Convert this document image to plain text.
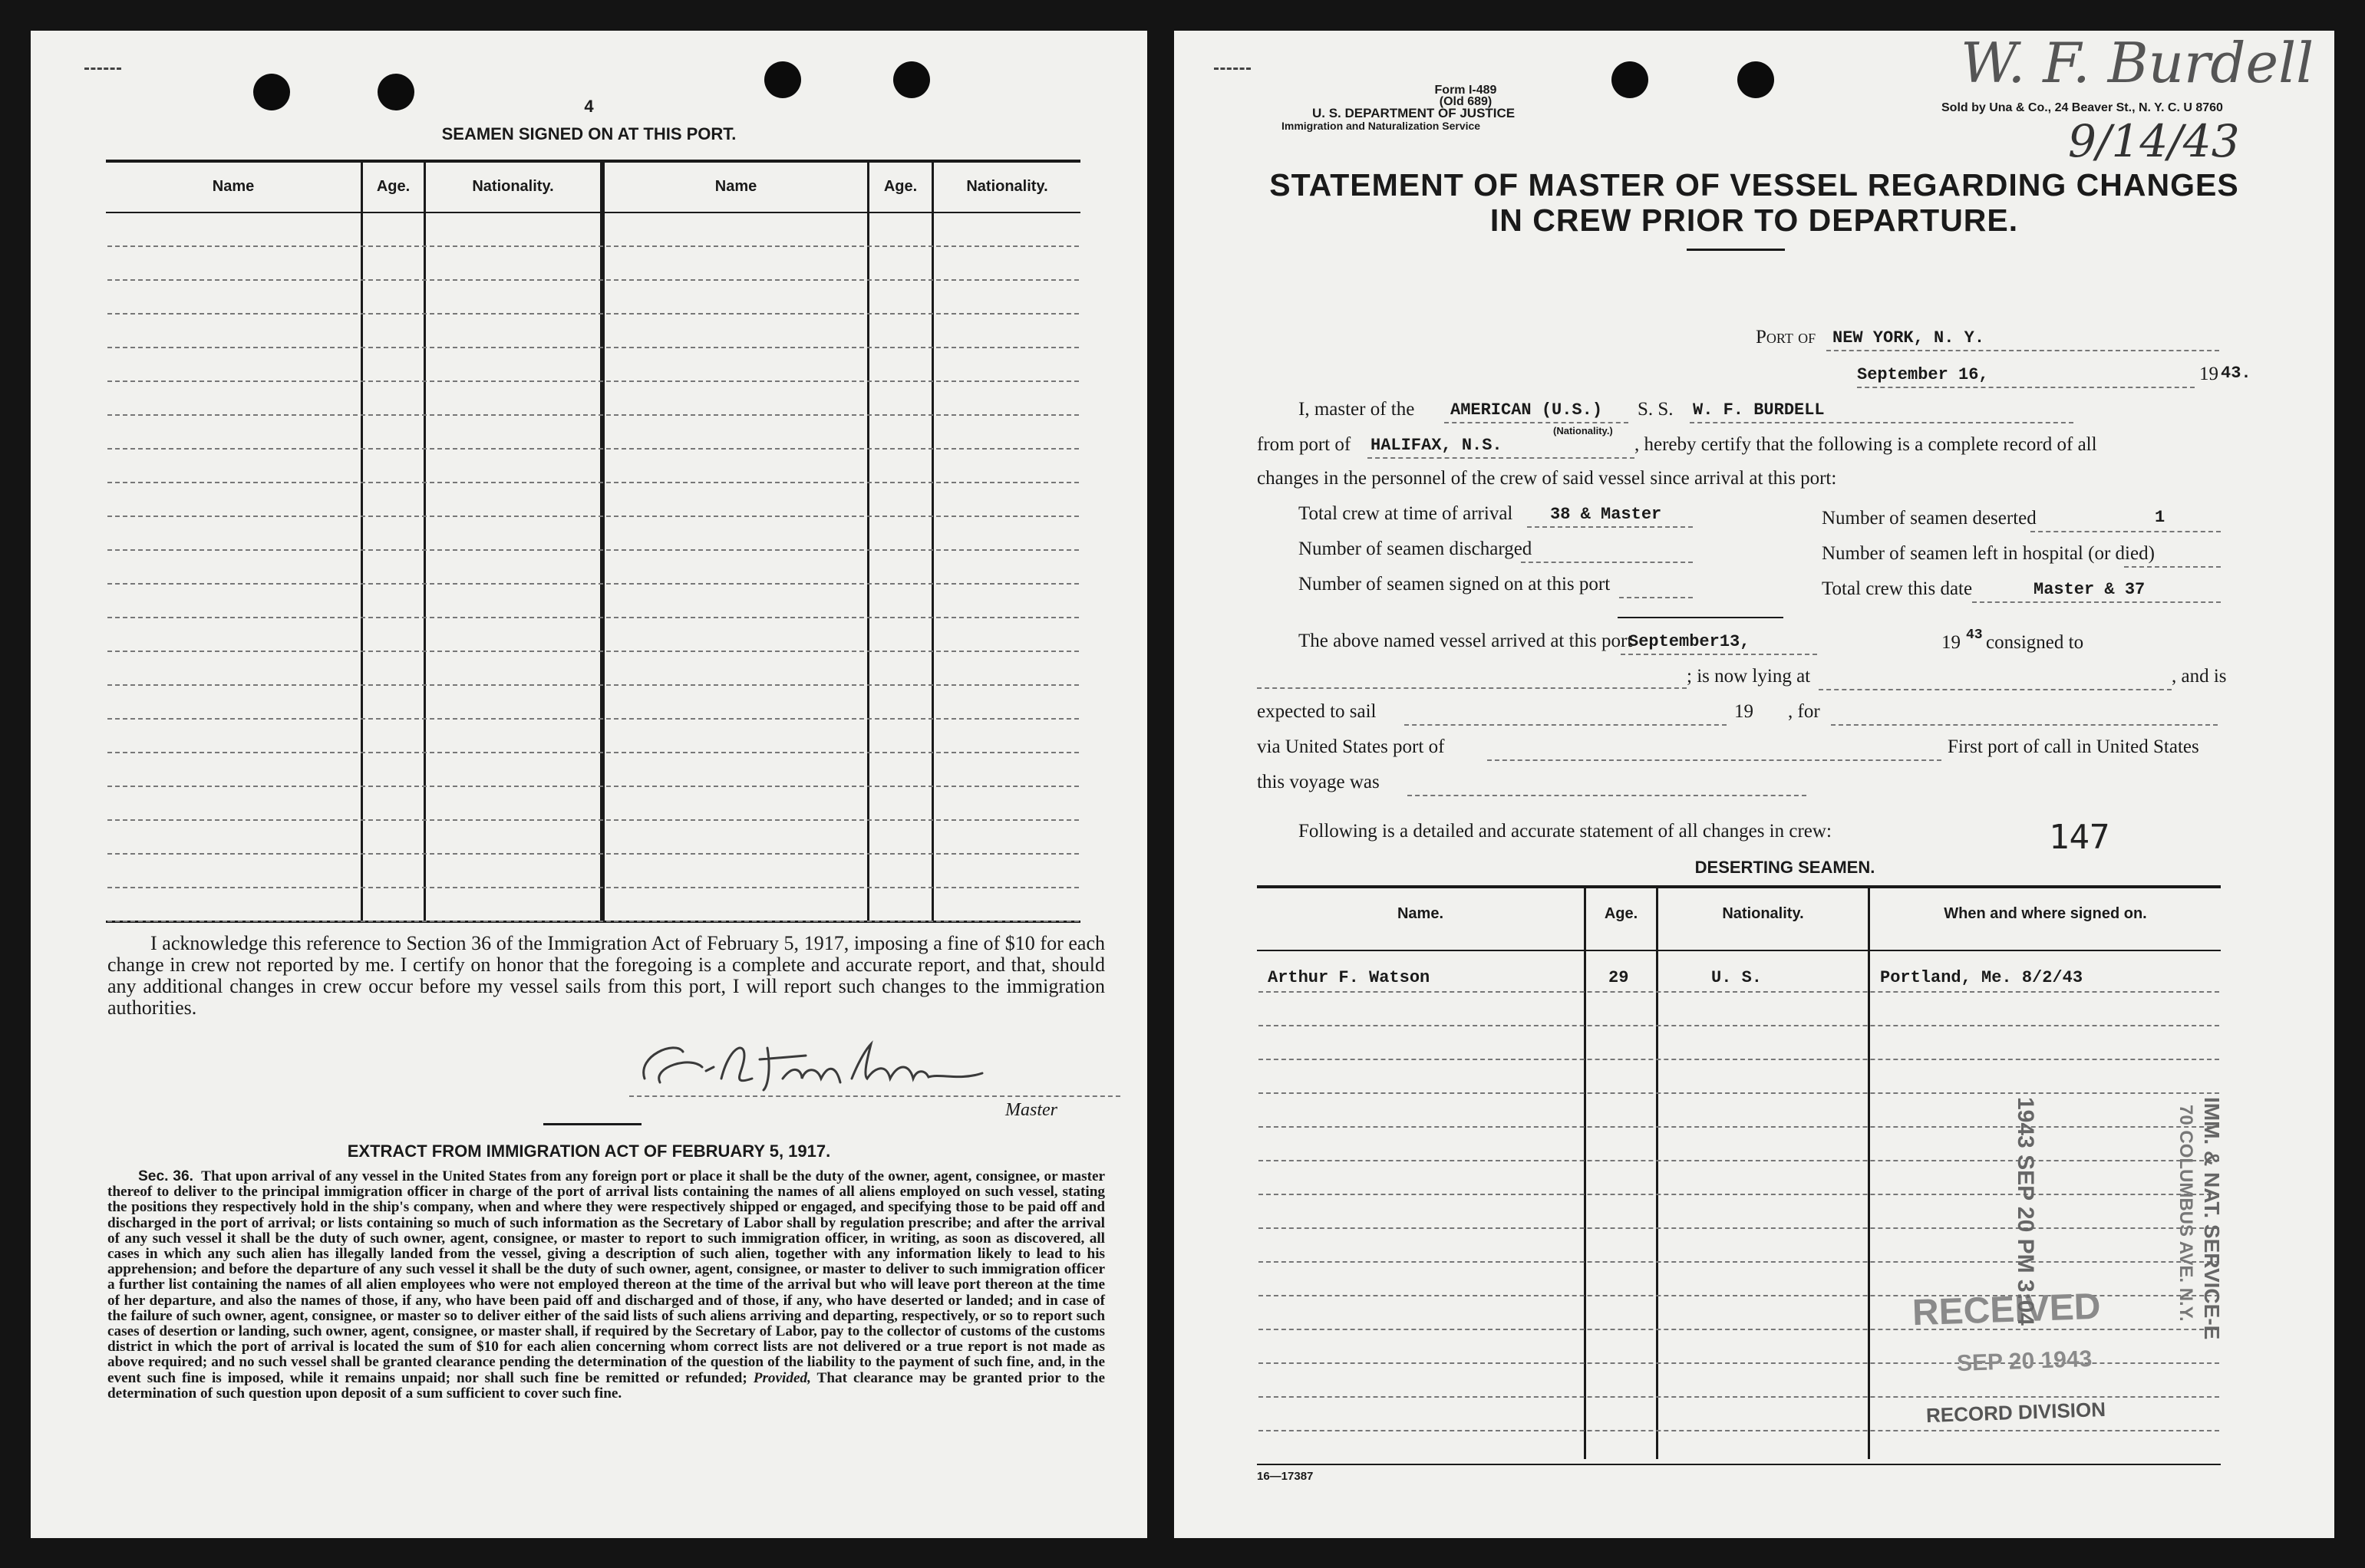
4
SEAMEN SIGNED ON AT THIS PORT.
Name	Age.	Nationality.	Name	Age.	Nationality.
I acknowledge this reference to Section 36 of the Immigration Act of February 5, 1917, imposing a fine of $10 for each change in crew not reported by me. I certify on honor that the foregoing is a complete and accurate report, and that, should any additional changes in crew occur before my vessel sails from this port, I will report such changes to the immigration authorities.
Master
EXTRACT FROM IMMIGRATION ACT OF FEBRUARY 5, 1917.
Sec. 36. That upon arrival of any vessel in the United States from any foreign port or place it shall be the duty of the owner, agent, consignee, or master thereof to deliver to the principal immigration officer in charge of the port of arrival lists containing the names of all aliens employed on such vessel, stating the positions they respectively hold in the ship's company, when and where they were respectively shipped or engaged, and specifying those to be paid off and discharged in the port of arrival; or lists containing so much of such information as the Secretary of Labor shall by regulation prescribe; and after the arrival of any such vessel it shall be the duty of such owner, agent, consignee, or master to report to such immigration officer, in writing, as soon as discovered, all cases in which any such alien has illegally landed from the vessel, giving a description of such alien, together with any information likely to lead to his apprehension; and before the departure of any such vessel it shall be the duty of such owner, agent, consignee, or master to deliver to such immigration officer a further list containing the names of all alien employees who were not employed thereon at the time of the arrival but who will leave port thereon at the time of her departure, and also the names of those, if any, who have been paid off and discharged and of those, if any, who have deserted or landed; and in case of the failure of such owner, agent, consignee, or master so to deliver either of the said lists of such aliens arriving and departing, respectively, or so to report such cases of desertion or landing, such owner, agent, consignee, or master shall, if required by the Secretary of Labor, pay to the collector of customs of the customs district in which the port of arrival is located the sum of $10 for each alien concerning whom correct lists are not delivered or a true report is not made as above required; and no such vessel shall be granted clearance pending the determination of the question of the liability to the payment of such fine, and, in the event such fine is imposed, while it remains unpaid; nor shall such fine be remitted or refunded; Provided, That clearance may be granted prior to the determination of such question upon deposit of a sum sufficient to cover such fine.
Form I-489
(Old 689)
U. S. DEPARTMENT OF JUSTICE
Immigration and Naturalization Service
Sold by Una & Co., 24 Beaver St., N. Y. C. U 8760
W. F. Burdell
9/14/43
STATEMENT OF MASTER OF VESSEL REGARDING CHANGES
IN CREW PRIOR TO DEPARTURE.
Port of NEW YORK, N. Y.
September 16,	19 43.
I, master of the AMERICAN (U.S.)
(Nationality.)
S. S. W. F. BURDELL
from port of HALIFAX, N.S.	, hereby certify that the following is a complete record of all
changes in the personnel of the crew of said vessel since arrival at this port:
Total crew at time of arrival 38 & Master	Number of seamen deserted	1
Number of seamen discharged	Number of seamen left in hospital (or died)
Number of seamen signed on at this port	Total crew this date	Master & 37
The above named vessel arrived at this port
September13,	19 43 consigned to
; is now lying at	, and is
expected to sail	19 , for
via United States port of	First port of call in United States
this voyage was
Following is a detailed and accurate statement of all changes in crew:	147
DESERTING SEAMEN.
Name.	Age.	Nationality.	When and where signed on.
Arthur F. Watson	29	U. S.	Portland, Me. 8/2/43
RECEIVED
SEP 20 1943
RECORD DIVISION
1943 SEP 20 PM 3:04	IMM. & NAT. SERVICE-E
70 COLUMBUS AVE. N.Y.
16—17387
